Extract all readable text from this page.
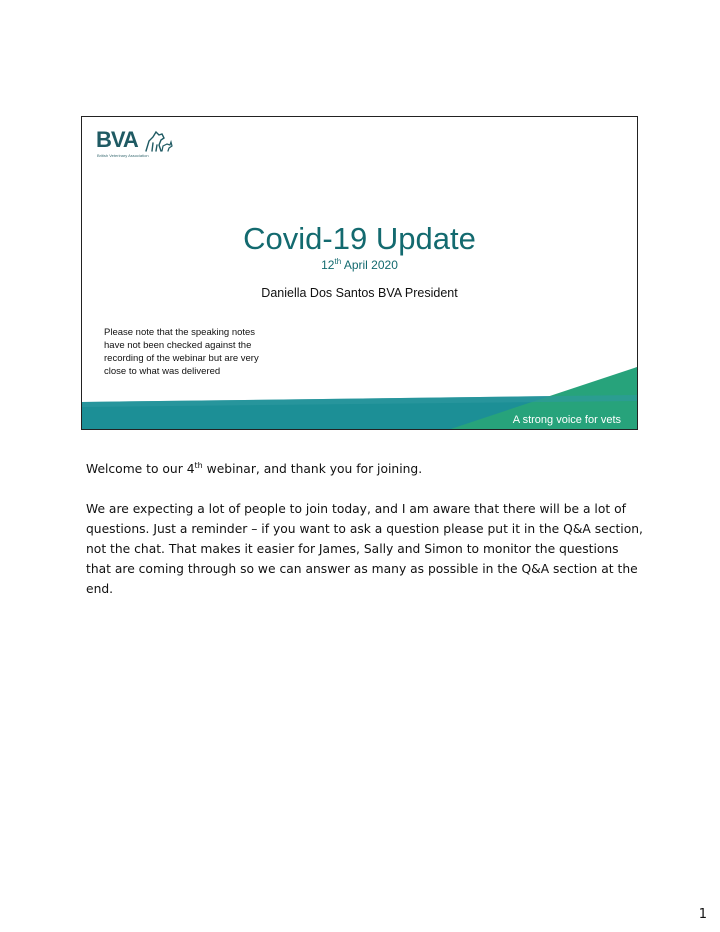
BVA
British Veterinary Association
Covid-19 Update
12th April 2020
Daniella Dos Santos BVA President
Please note that the speaking notes have not been checked against the recording of the webinar but are very close to what was delivered
A strong voice for vets

Welcome to our 4th webinar, and thank you for joining.

We are expecting a lot of people to join today, and I am aware that there will be a lot of questions. Just a reminder – if you want to ask a question please put it in the Q&A section, not the chat. That makes it easier for James, Sally and Simon to monitor the questions that are coming through so we can answer as many as possible in the Q&A section at the end.

1
